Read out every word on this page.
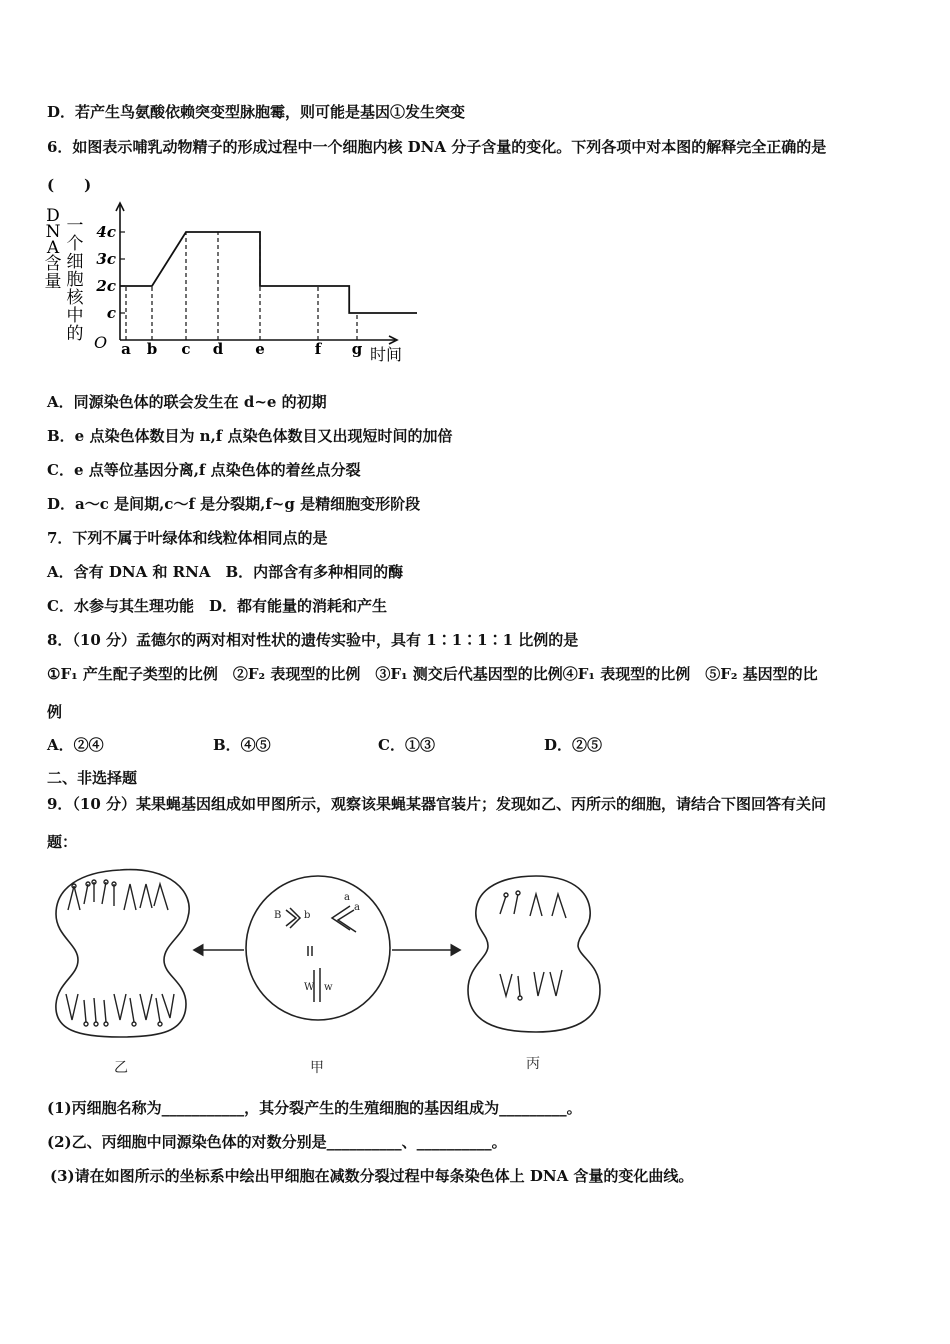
D．若产生鸟氨酸依赖突变型脉胞霉，则可能是基因①发生突变
6．如图表示哺乳动物精子的形成过程中一个细胞内核 DNA 分子含量的变化。下列各项中对本图的解释完全正确的是
(　　)
D
N
A
含
量
一
个
细
胞
核
中
的 O
c
2c
3c
4c
a b c d e	f g 时间
A．同源染色体的联会发生在 d~e 的初期
B．e 点染色体数目为 n,f 点染色体数目又出现短时间的加倍
C．e 点等位基因分离,f 点染色体的着丝点分裂
D．a～c 是间期,c～f 是分裂期,f~g 是精细胞变形阶段
7．下列不属于叶绿体和线粒体相同点的是
A．含有 DNA 和 RNA　B．内部含有多种相同的酶
C．水参与其生理功能　D．都有能量的消耗和产生
8．（10 分）孟德尔的两对相对性状的遗传实验中，具有 1∶1∶1∶1 比例的是
①F₁ 产生配子类型的比例　②F₂ 表现型的比例　③F₁ 测交后代基因型的比例④F₁ 表现型的比例　⑤F₂ 基因型的比
例
A．②④	B．④⑤	C．①③	D．②⑤
二、非选择题
9．（10 分）某果蝇基因组成如甲图所示，观察该果蝇某器官装片；发现如乙、丙所示的细胞，请结合下图回答有关问
题：
B b
a
a
W w
乙	甲	丙
(1)丙细胞名称为___________，其分裂产生的生殖细胞的基因组成为_________。
(2)乙、丙细胞中同源染色体的对数分别是__________、__________。
(3)请在如图所示的坐标系中绘出甲细胞在减数分裂过程中每条染色体上 DNA 含量的变化曲线。
